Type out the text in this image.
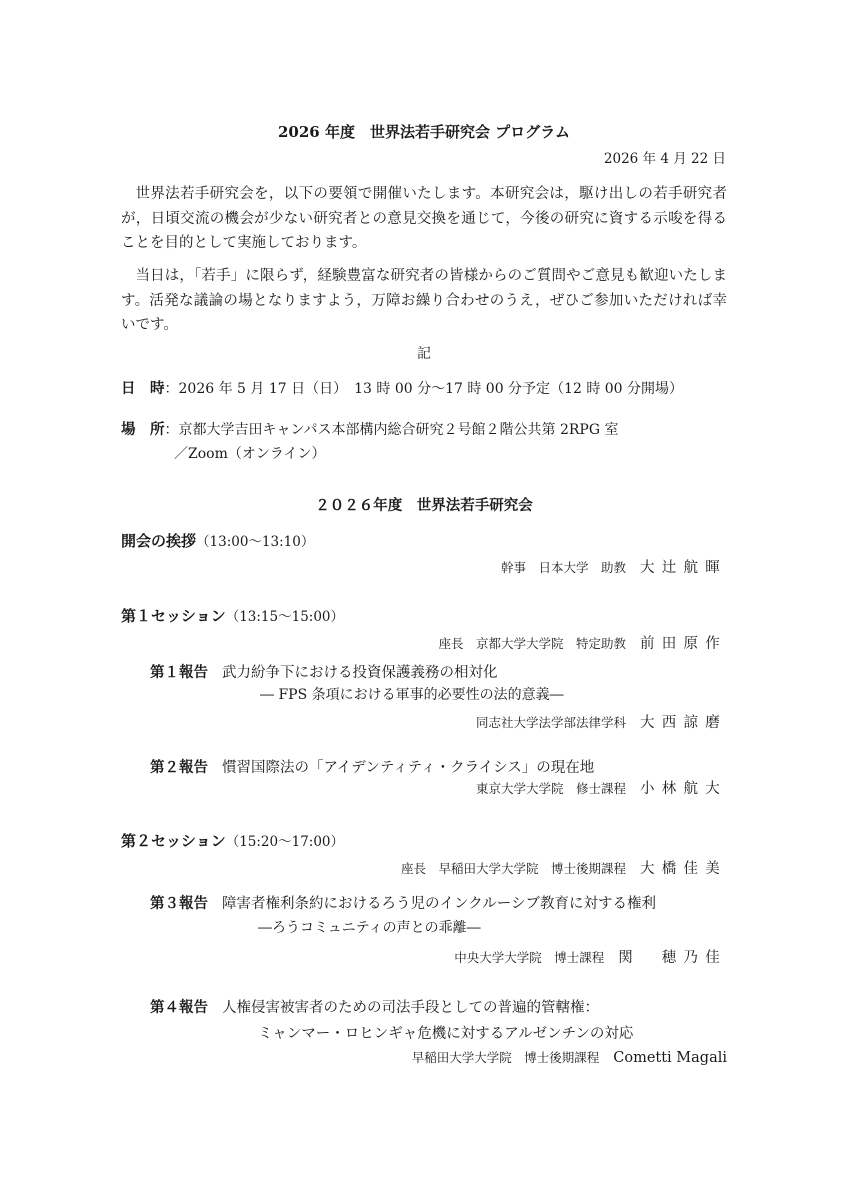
2026 年度　世界法若手研究会 プログラム
2026 年 4 月 22 日
世界法若手研究会を，以下の要領で開催いたします。本研究会は，駆け出しの若手研究者が，日頃交流の機会が少ない研究者との意見交換を通じて，今後の研究に資する示唆を得ることを目的として実施しております。
当日は，「若手」に限らず，経験豊富な研究者の皆様からのご質問やご意見も歓迎いたします。活発な議論の場となりますよう，万障お繰り合わせのうえ，ぜひご参加いただければ幸いです。
記
日　時：2026 年 5 月 17 日（日）　13 時 00 分～17 時 00 分予定（12 時 00 分開場）
場　所：京都大学吉田キャンパス本部構内総合研究２号館２階公共第 2RPG 室
／Zoom（オンライン）
２０２６年度　世界法若手研究会
開会の挨拶（13:00～13:10）
幹事　日本大学　助教 大辻航暉
第１セッション（13:15～15:00）
座長　京都大学大学院　特定助教 前田原作
第１報告 武力紛争下における投資保護義務の相対化
― FPS 条項における軍事的必要性の法的意義―
同志社大学法学部法律学科 大西諒磨
第２報告 慣習国際法の「アイデンティティ・クライシス」の現在地
東京大学大学院　修士課程 小林航大
第２セッション（15:20～17:00）
座長　早稲田大学大学院　博士後期課程 大橋佳美
第３報告 障害者権利条約におけるろう児のインクルーシブ教育に対する権利
―ろうコミュニティの声との乖離―
中央大学大学院　博士課程 関　穂乃佳
第４報告 人権侵害被害者のための司法手段としての普遍的管轄権：
ミャンマー・ロヒンギャ危機に対するアルゼンチンの対応
早稲田大学大学院　博士後期課程 Cometti Magali
